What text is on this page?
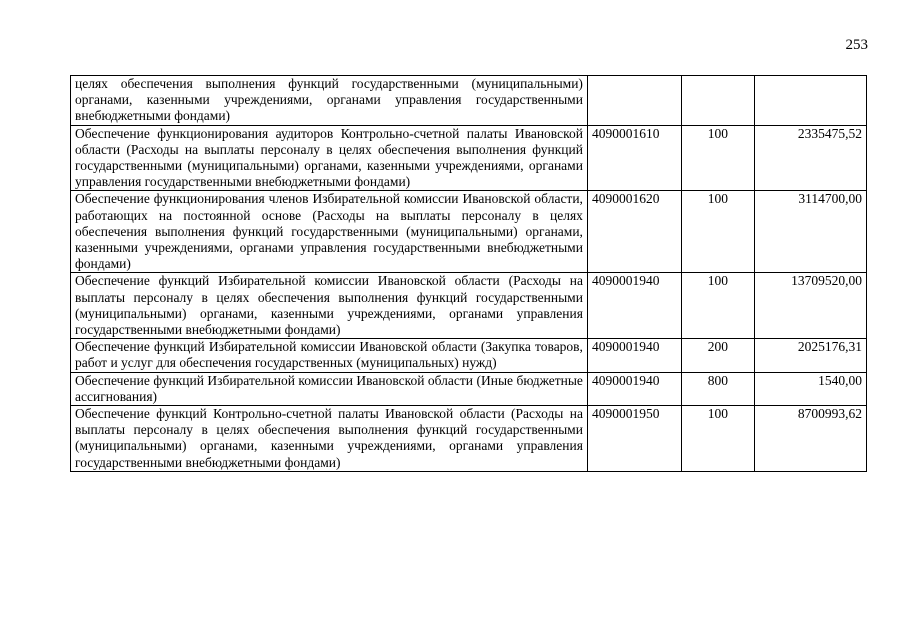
253
целях обеспечения выполнения функций государственными (муниципальными) органами, казенными учреждениями, органами управления государственными внебюджетными фондами)			
Обеспечение функционирования аудиторов Контрольно-счетной палаты Ивановской области (Расходы на выплаты персоналу в целях обеспечения выполнения функций государственными (муниципальными) органами, казенными учреждениями, органами управления государственными внебюджетными фондами)	4090001610	100	2335475,52
Обеспечение функционирования членов Избирательной комиссии Ивановской области, работающих на постоянной основе (Расходы на выплаты персоналу в целях обеспечения выполнения функций государственными (муниципальными) органами, казенными учреждениями, органами управления государственными внебюджетными фондами)	4090001620	100	3114700,00
Обеспечение функций Избирательной комиссии Ивановской области (Расходы на выплаты персоналу в целях обеспечения выполнения функций государственными (муниципальными) органами, казенными учреждениями, органами управления государственными внебюджетными фондами)	4090001940	100	13709520,00
Обеспечение функций Избирательной комиссии Ивановской области (Закупка товаров, работ и услуг для обеспечения государственных (муниципальных) нужд)	4090001940	200	2025176,31
Обеспечение функций Избирательной комиссии Ивановской области (Иные бюджетные ассигнования)	4090001940	800	1540,00
Обеспечение функций Контрольно-счетной палаты Ивановской области (Расходы на выплаты персоналу в целях обеспечения выполнения функций государственными (муниципальными) органами, казенными учреждениями, органами управления государственными внебюджетными фондами)	4090001950	100	8700993,62
